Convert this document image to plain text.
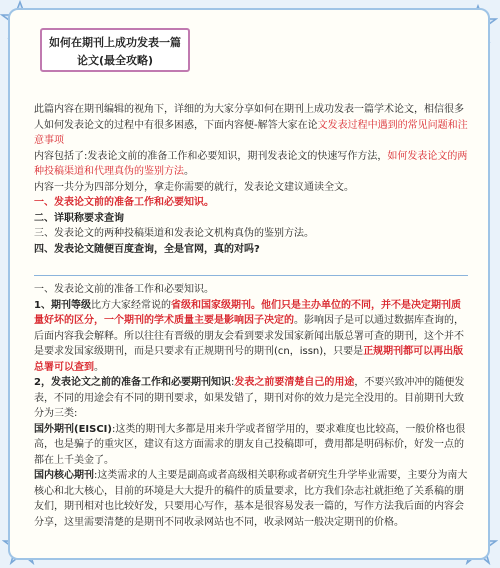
如何在期刊上成功发表一篇
论文(最全攻略)

此篇内容在期刊编辑的视角下，详细的为大家分享如何在期刊上成功发表一篇学术论文，相信很多人如何发表论文的过程中有很多困惑，下面内容便-解答大家在论文发表过程中遇到的常见问题和注意事项

内容包括了:发表论文前的准备工作和必要知识，期刊发表论文的快速写作方法，如何发表论文的两种投稿渠道和代理真伪的鉴别方法。

内容一共分为四部分划分，拿走你需要的就行，发表论文建议通读全文。

一、发表论文前的准备工作和必要知识。

二、详职称要求查询

三、发表论文的两种投稿渠道和发表论文机构真伪的鉴别方法。

四、发表论文随便百度查询，全是官网，真的对吗?

一、发表论文前的准备工作和必要知识。

1、期刊等级比方大家经常说的省级和国家级期刊。他们只是主办单位的不同，并不是决定期刊质量好坏的区分，一个期刊的学术质量主要是影响因子决定的。影响因子是可以通过数据库查询的，后面内容我会解释。所以往往有晋级的朋友会看到要求发国家新闻出版总署可查的期刊，这个并不是要求发国家级期刊，而是只要求有正规期刊号的期刊(cn，issn)，只要是正规期刊都可以再出版总署可以查到。

2，发表论文之前的准备工作和必要期刊知识:发表之前要清楚自己的用途，不要兴致冲冲的随便发表，不同的用途会有不同的期刊要求，如果发错了，期刊对你的效力是完全没用的。目前期刊大致分为三类:

国外期刊(EISCI):这类的期刊大多都是用来升学或者留学用的，要求难度也比较高，一般价格也很高，也是骗子的重灾区，建议有这方面需求的朋友自己投稿即可，费用都是明码标价，好发一点的都在上千美金了。

国内核心期刊:这类需求的人主要是副高或者高级相关职称或者研究生升学毕业需要，主要分为南大核心和北大核心，目前的环境是大大提升的稿件的质量要求，比方我们杂志社就拒绝了关系稿的朋友们，期刊相对也比较好发，只要用心写作，基本是很容易发表一篇的，写作方法我后面的内容会分享，这里需要清楚的是期刊不同收录网站也不同，收录网站一般决定期刊的价格。
